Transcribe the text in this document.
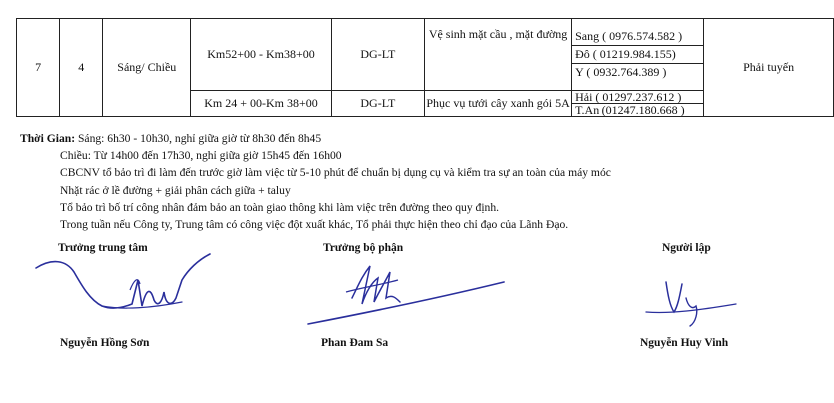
7	4	Sáng/ Chiều	Km52+00 - Km38+00	DG-LT	Vệ sinh mặt cầu , mặt đường	Sang ( 0976.574.582 )
Đô ( 01219.984.155)
Y ( 0932.764.389 )	Phải tuyến
			Km 24 + 00-Km 38+00	DG-LT	Phục vụ tưới cây xanh gói 5A	Hải ( 01297.237.612 )
T.An (01247.180.668 )	
Thời Gian: Sáng: 6h30 - 10h30, nghỉ giữa giờ từ 8h30 đến 8h45
Chiều: Từ 14h00 đến 17h30, nghỉ giữa giờ 15h45 đến 16h00
CBCNV tổ bảo trì đi làm đến trước giờ làm việc từ 5-10 phút để chuẩn bị dụng cụ và kiểm tra sự an toàn của máy móc
Nhặt rác ở lề đường + giải phân cách giữa + taluy
Tổ bảo trì bố trí công nhân đảm bảo an toàn giao thông khi làm việc trên đường theo quy định.
Trong tuần nếu Công ty, Trung tâm có công việc đột xuất khác, Tổ phải thực hiện theo chỉ đạo của Lãnh Đạo.
Trưởng trung tâm
Nguyễn Hồng Sơn
Trưởng bộ phận
Phan Đam Sa
Người lập
Nguyễn Huy Vinh
